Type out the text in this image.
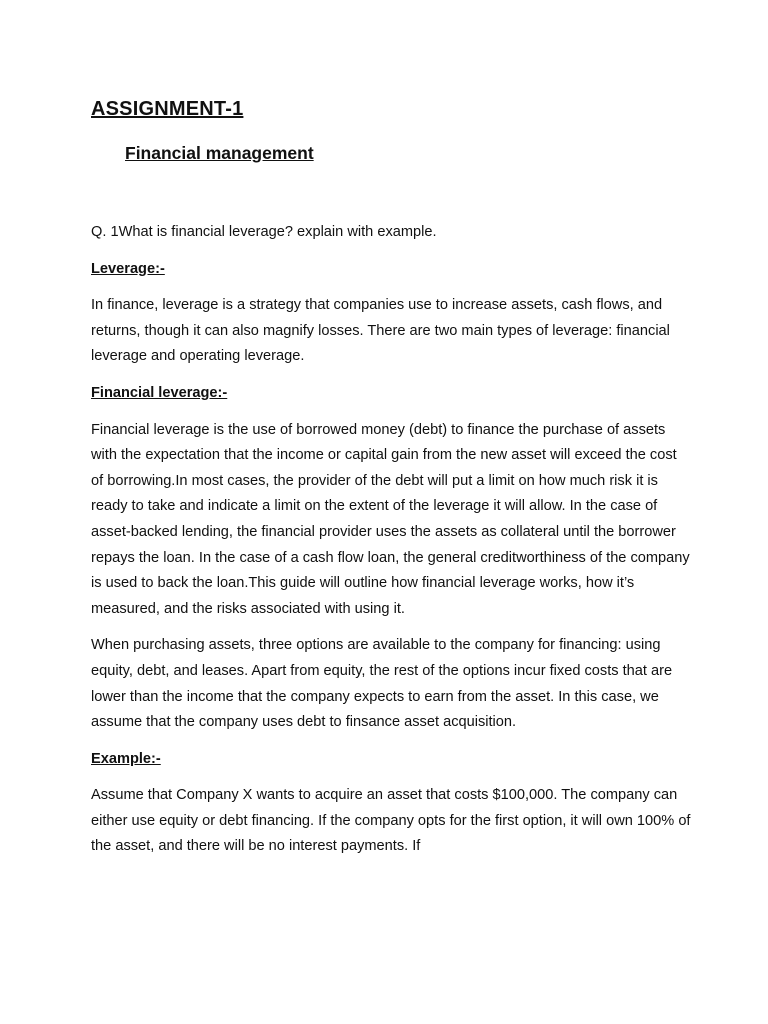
ASSIGNMENT-1
Financial management

Q. 1What is financial leverage? explain with example.

Leverage:-

In finance, leverage is a strategy that companies use to increase assets, cash flows, and returns, though it can also magnify losses. There are two main types of leverage: financial leverage and operating leverage.

Financial leverage:-

Financial leverage is the use of borrowed money (debt) to finance the purchase of assets with the expectation that the income or capital gain from the new asset will exceed the cost of borrowing.In most cases, the provider of the debt will put a limit on how much risk it is ready to take and indicate a limit on the extent of the leverage it will allow. In the case of asset-backed lending, the financial provider uses the assets as collateral until the borrower repays the loan. In the case of a cash flow loan, the general creditworthiness of the company is used to back the loan.This guide will outline how financial leverage works, how it’s measured, and the risks associated with using it.

When purchasing assets, three options are available to the company for financing: using equity, debt, and leases. Apart from equity, the rest of the options incur fixed costs that are lower than the income that the company expects to earn from the asset. In this case, we assume that the company uses debt to finsance asset acquisition.

Example:-

Assume that Company X wants to acquire an asset that costs $100,000. The company can either use equity or debt financing. If the company opts for the first option, it will own 100% of the asset, and there will be no interest payments. If
